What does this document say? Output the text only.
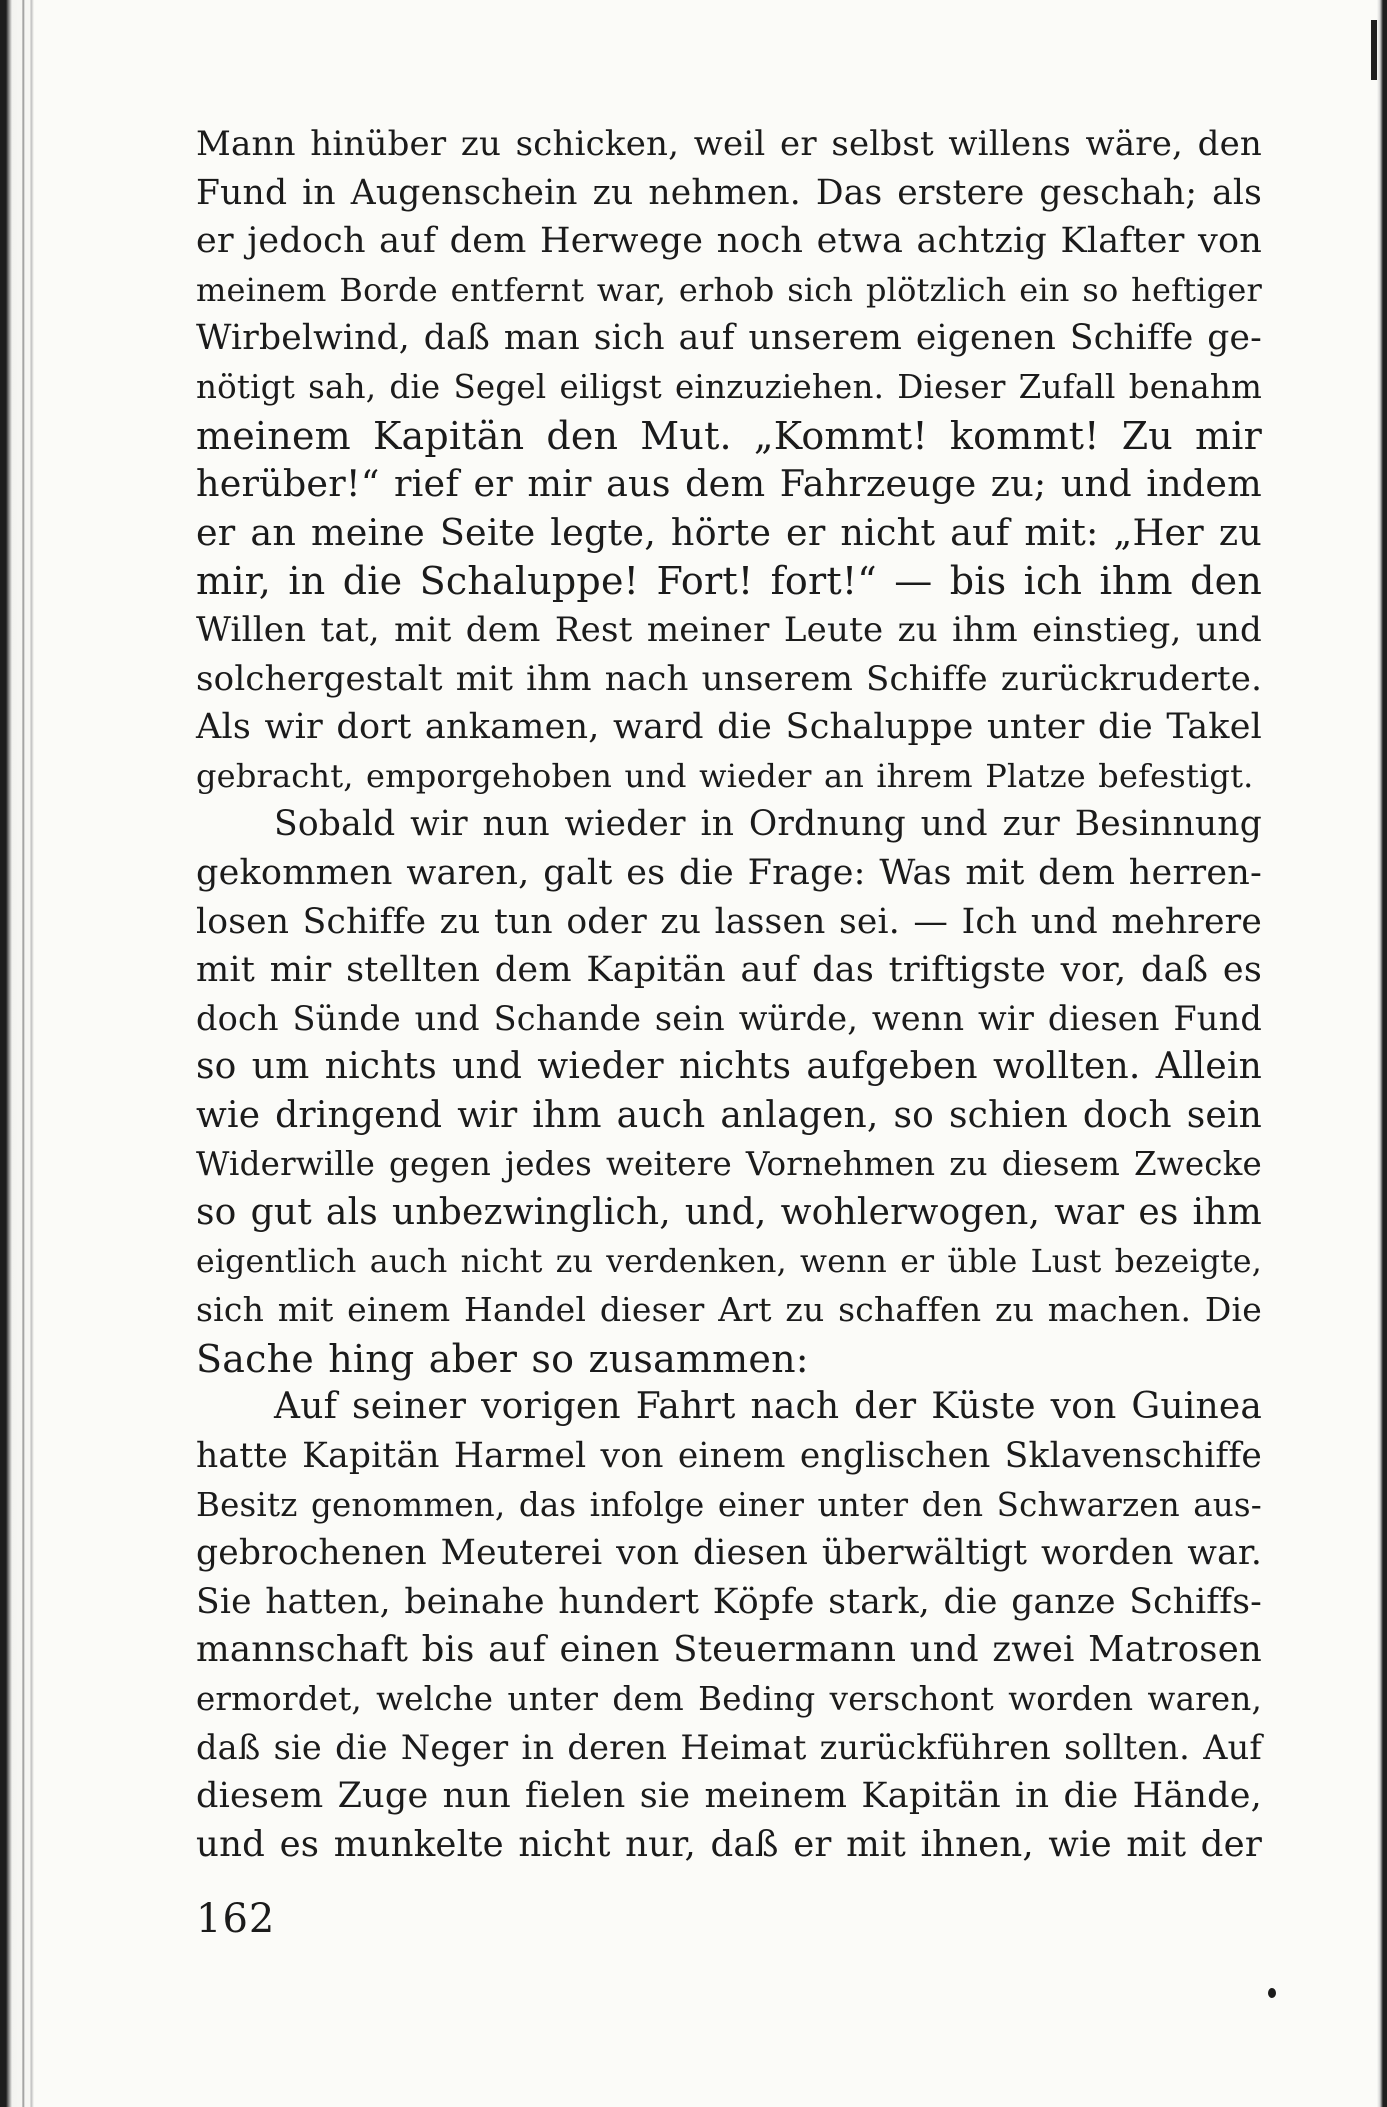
Mann hinüber zu schicken, weil er selbst willens wäre, den
Fund in Augenschein zu nehmen. Das erstere geschah; als
er jedoch auf dem Herwege noch etwa achtzig Klafter von
meinem Borde entfernt war, erhob sich plötzlich ein so heftiger
Wirbelwind, daß man sich auf unserem eigenen Schiffe ge-
nötigt sah, die Segel eiligst einzuziehen. Dieser Zufall benahm
meinem Kapitän den Mut. „Kommt! kommt! Zu mir
herüber!“ rief er mir aus dem Fahrzeuge zu; und indem
er an meine Seite legte, hörte er nicht auf mit: „Her zu
mir, in die Schaluppe! Fort! fort!“ — bis ich ihm den
Willen tat, mit dem Rest meiner Leute zu ihm einstieg, und
solchergestalt mit ihm nach unserem Schiffe zurückruderte.
Als wir dort ankamen, ward die Schaluppe unter die Takel
gebracht, emporgehoben und wieder an ihrem Platze befestigt.
Sobald wir nun wieder in Ordnung und zur Besinnung
gekommen waren, galt es die Frage: Was mit dem herren-
losen Schiffe zu tun oder zu lassen sei. — Ich und mehrere
mit mir stellten dem Kapitän auf das triftigste vor, daß es
doch Sünde und Schande sein würde, wenn wir diesen Fund
so um nichts und wieder nichts aufgeben wollten. Allein
wie dringend wir ihm auch anlagen, so schien doch sein
Widerwille gegen jedes weitere Vornehmen zu diesem Zwecke
so gut als unbezwinglich, und, wohlerwogen, war es ihm
eigentlich auch nicht zu verdenken, wenn er üble Lust bezeigte,
sich mit einem Handel dieser Art zu schaffen zu machen. Die
Sache hing aber so zusammen:
Auf seiner vorigen Fahrt nach der Küste von Guinea
hatte Kapitän Harmel von einem englischen Sklavenschiffe
Besitz genommen, das infolge einer unter den Schwarzen aus-
gebrochenen Meuterei von diesen überwältigt worden war.
Sie hatten, beinahe hundert Köpfe stark, die ganze Schiffs-
mannschaft bis auf einen Steuermann und zwei Matrosen
ermordet, welche unter dem Beding verschont worden waren,
daß sie die Neger in deren Heimat zurückführen sollten. Auf
diesem Zuge nun fielen sie meinem Kapitän in die Hände,
und es munkelte nicht nur, daß er mit ihnen, wie mit der
162
